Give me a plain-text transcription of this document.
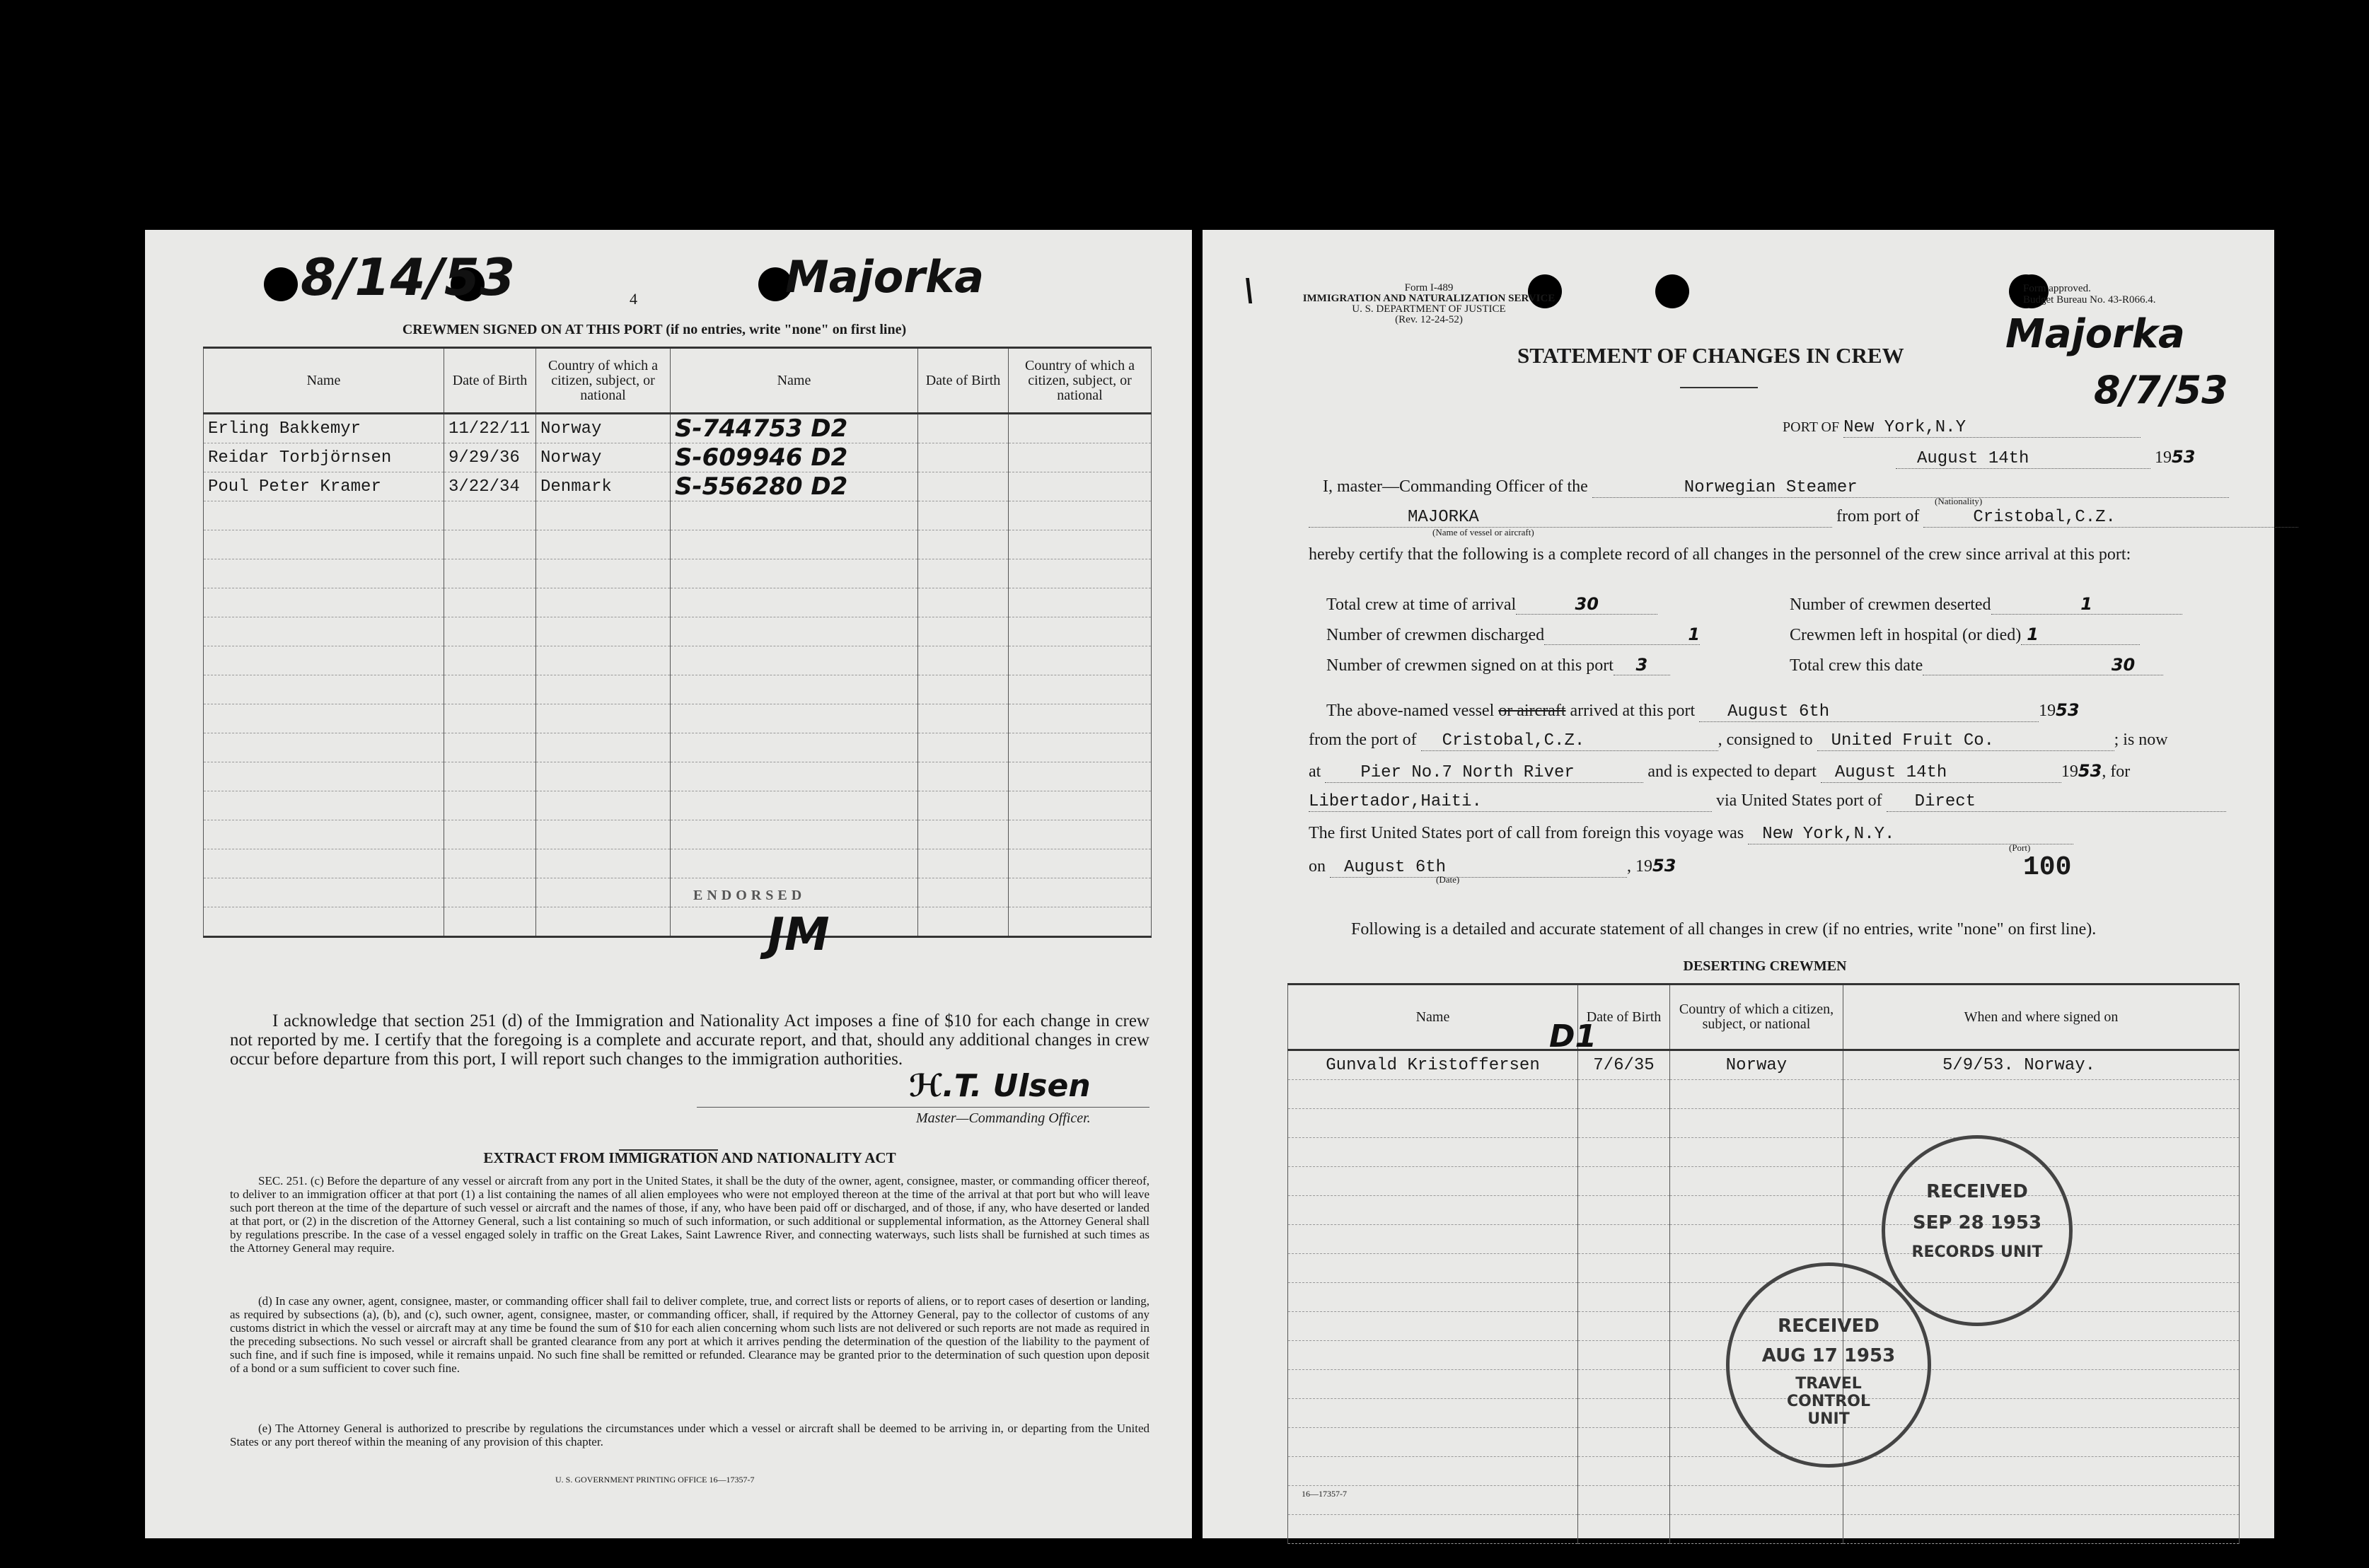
8/14/53	4	Majorka
CREWMEN SIGNED ON AT THIS PORT (if no entries, write "none" on first line)
Name	Date of Birth	Country of which a citizen, subject, or national	Name	Date of Birth	Country of which a citizen, subject, or national
Erling Bakkemyr	11/22/11	Norway	S-744753 D2		
Reidar Torbjörnsen	9/29/36	Norway	S-609946 D2		
Poul Peter Kramer	3/22/34	Denmark	S-556280 D2		

ENDORSED
JM
I acknowledge that section 251 (d) of the Immigration and Nationality Act imposes a fine of $10 for each change in crew not reported by me. I certify that the foregoing is a complete and accurate report, and that, should any additional changes in crew occur before departure from this port, I will report such changes to the immigration authorities.
ℋ.T. Ulsen
Master—Commanding Officer.
EXTRACT FROM IMMIGRATION AND NATIONALITY ACT
SEC. 251. (c) Before the departure of any vessel or aircraft from any port in the United States, it shall be the duty of the owner, agent, consignee, master, or commanding officer thereof, to deliver to an immigration officer at that port (1) a list containing the names of all alien employees who were not employed thereon at the time of the arrival at that port but who will leave such port thereon at the time of the departure of such vessel or aircraft and the names of those, if any, who have been paid off or discharged, and of those, if any, who have deserted or landed at that port, or (2) in the discretion of the Attorney General, such a list containing so much of such information, or such additional or supplemental information, as the Attorney General shall by regulations prescribe. In the case of a vessel engaged solely in traffic on the Great Lakes, Saint Lawrence River, and connecting waterways, such lists shall be furnished at such times as the Attorney General may require.
(d) In case any owner, agent, consignee, master, or commanding officer shall fail to deliver complete, true, and correct lists or reports of aliens, or to report cases of desertion or landing, as required by subsections (a), (b), and (c), such owner, agent, consignee, master, or commanding officer, shall, if required by the Attorney General, pay to the collector of customs of any customs district in which the vessel or aircraft may at any time be found the sum of $10 for each alien concerning whom such lists are not delivered or such reports are not made as required in the preceding subsections. No such vessel or aircraft shall be granted clearance from any port at which it arrives pending the determination of the question of the liability to the payment of such fine, and if such fine is imposed, while it remains unpaid. No such fine shall be remitted or refunded. Clearance may be granted prior to the determination of such question upon deposit of a bond or a sum sufficient to cover such fine.
(e) The Attorney General is authorized to prescribe by regulations the circumstances under which a vessel or aircraft shall be deemed to be arriving in, or departing from the United States or any port thereof within the meaning of any provision of this chapter.
U. S. GOVERNMENT PRINTING OFFICE 16—17357-7
\	Form I-489
IMMIGRATION AND NATURALIZATION SERVICE
U. S. DEPARTMENT OF JUSTICE
(Rev. 12-24-52)
Form approved.
Budget Bureau No. 43-R066.4.
STATEMENT OF CHANGES IN CREW	Majorka
8/7/53
PORT OF New York,N.Y
August 14th	1953
I, master—Commanding Officer of the	Norwegian Steamer
(Nationality)
MAJORKA	from port of	Cristobal,C.Z.
(Name of vessel or aircraft)
hereby certify that the following is a complete record of all changes in the personnel of the crew since arrival at this port:
Total crew at time of arrival	30	Number of crewmen deserted	1
Number of crewmen discharged	1	Crewmen left in hospital (or died) 1
Number of crewmen signed on at this port 3	Total crew this date	30
The above-named vessel or aircraft arrived at this port August 6th	1953
from the port of Cristobal,C.Z.	, consigned to United Fruit Co.	; is now
at Pier No.7 North River	and is expected to depart August 14th	1953, for
Libertador,Haiti.	via United States port of Direct
The first United States port of call from foreign this voyage was New York,N.Y.
(Port)
on August 6th	, 1953
(Date)	100
Following is a detailed and accurate statement of all changes in crew (if no entries, write "none" on first line).
DESERTING CREWMEN
Name	Date of Birth	Country of which a citizen, subject, or national	When and where signed on
Gunvald Kristoffersen	7/6/35	Norway	5/9/53. Norway.

D1
RECEIVED
SEP 28 1953
RECORDS UNIT
RECEIVED
AUG 17 1953
TRAVEL CONTROL UNIT
16—17357-7
